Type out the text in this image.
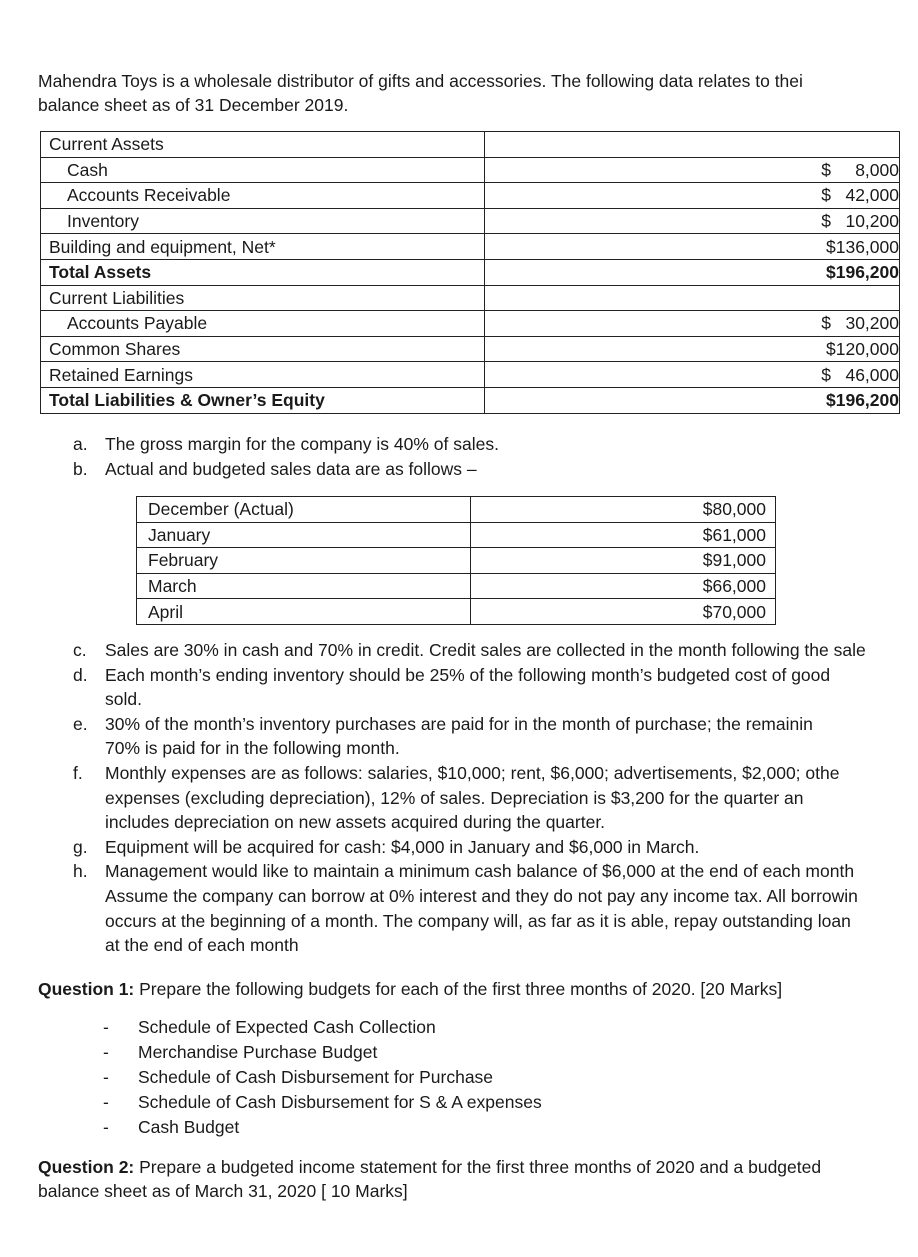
Mahendra Toys is a wholesale distributor of gifts and accessories. The following data relates to thei
balance sheet as of 31 December 2019.
Current Assets	
Cash	$ 8,000
Accounts Receivable	$ 42,000
Inventory	$ 10,200
Building and equipment, Net*	$136,000
Total Assets	$196,200
Current Liabilities	
Accounts Payable	$ 30,200
Common Shares	$120,000
Retained Earnings	$ 46,000
Total Liabilities & Owner’s Equity	$196,200
a. The gross margin for the company is 40% of sales.
b. Actual and budgeted sales data are as follows –
December (Actual)	$80,000
January	$61,000
February	$91,000
March	$66,000
April	$70,000
c.	Sales are 30% in cash and 70% in credit. Credit sales are collected in the month following the sale
d. Each month’s ending inventory should be 25% of the following month’s budgeted cost of good
sold.
e. 30% of the month’s inventory purchases are paid for in the month of purchase; the remainin
70% is paid for in the following month.
f.	Monthly expenses are as follows: salaries, $10,000; rent, $6,000; advertisements, $2,000; othe
expenses (excluding depreciation), 12% of sales. Depreciation is $3,200 for the quarter an
includes depreciation on new assets acquired during the quarter.
g. Equipment will be acquired for cash: $4,000 in January and $6,000 in March.
h. Management would like to maintain a minimum cash balance of $6,000 at the end of each month
Assume the company can borrow at 0% interest and they do not pay any income tax. All borrowin
occurs at the beginning of a month. The company will, as far as it is able, repay outstanding loan
at the end of each month
Question 1: Prepare the following budgets for each of the first three months of 2020. [20 Marks]
- Schedule of Expected Cash Collection
- Merchandise Purchase Budget
- Schedule of Cash Disbursement for Purchase
- Schedule of Cash Disbursement for S & A expenses
- Cash Budget
Question 2: Prepare a budgeted income statement for the first three months of 2020 and a budgeted
balance sheet as of March 31, 2020 [ 10 Marks]
